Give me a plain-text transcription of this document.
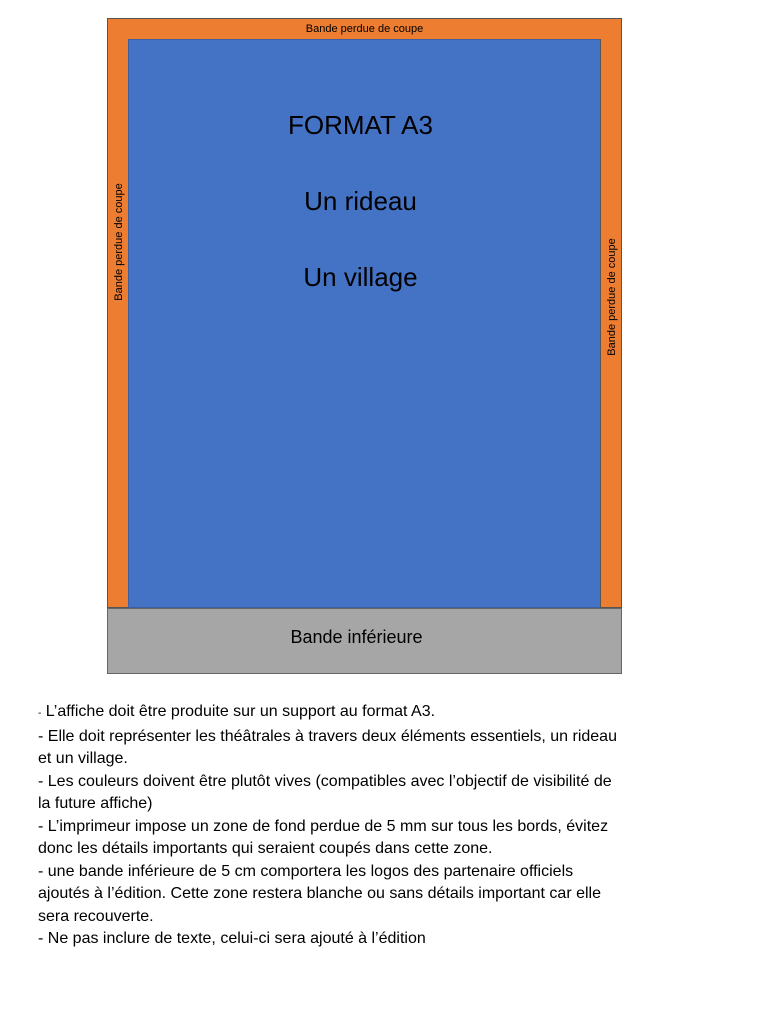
Bande perdue de coupe
Bande perdue de coupe
FORMAT A3
Un rideau
Un village	Bande perdue de coupe
Bande inférieure
- L’affiche doit être produite sur un support au format A3.
- Elle doit représenter les théâtrales à travers deux éléments essentiels, un rideau
et un village.
- Les couleurs doivent être plutôt vives (compatibles avec l’objectif de visibilité de
la future affiche)
- L’imprimeur impose un zone de fond perdue de 5 mm sur tous les bords, évitez
donc les détails importants qui seraient coupés dans cette zone.
- une bande inférieure de 5 cm comportera les logos des partenaire officiels
ajoutés à l’édition. Cette zone restera blanche ou sans détails important car elle
sera recouverte.
- Ne pas inclure de texte, celui-ci sera ajouté à l’édition
